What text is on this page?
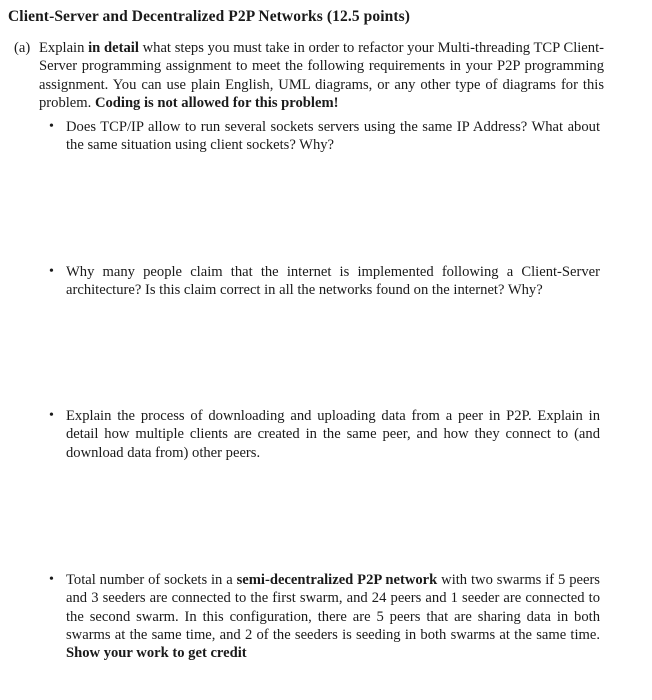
Client-Server and Decentralized P2P Networks (12.5 points)
(a) Explain in detail what steps you must take in order to refactor your Multi-threading TCP Client-Server programming assignment to meet the following requirements in your P2P programming assignment. You can use plain English, UML diagrams, or any other type of diagrams for this problem. Coding is not allowed for this problem!
• Does TCP/IP allow to run several sockets servers using the same IP Address? What about the same situation using client sockets? Why?
• Why many people claim that the internet is implemented following a Client-Server architecture? Is this claim correct in all the networks found on the internet? Why?
• Explain the process of downloading and uploading data from a peer in P2P. Explain in detail how multiple clients are created in the same peer, and how they connect to (and download data from) other peers.
• Total number of sockets in a semi-decentralized P2P network with two swarms if 5 peers and 3 seeders are connected to the first swarm, and 24 peers and 1 seeder are connected to the second swarm. In this configuration, there are 5 peers that are sharing data in both swarms at the same time, and 2 of the seeders is seeding in both swarms at the same time. Show your work to get credit
